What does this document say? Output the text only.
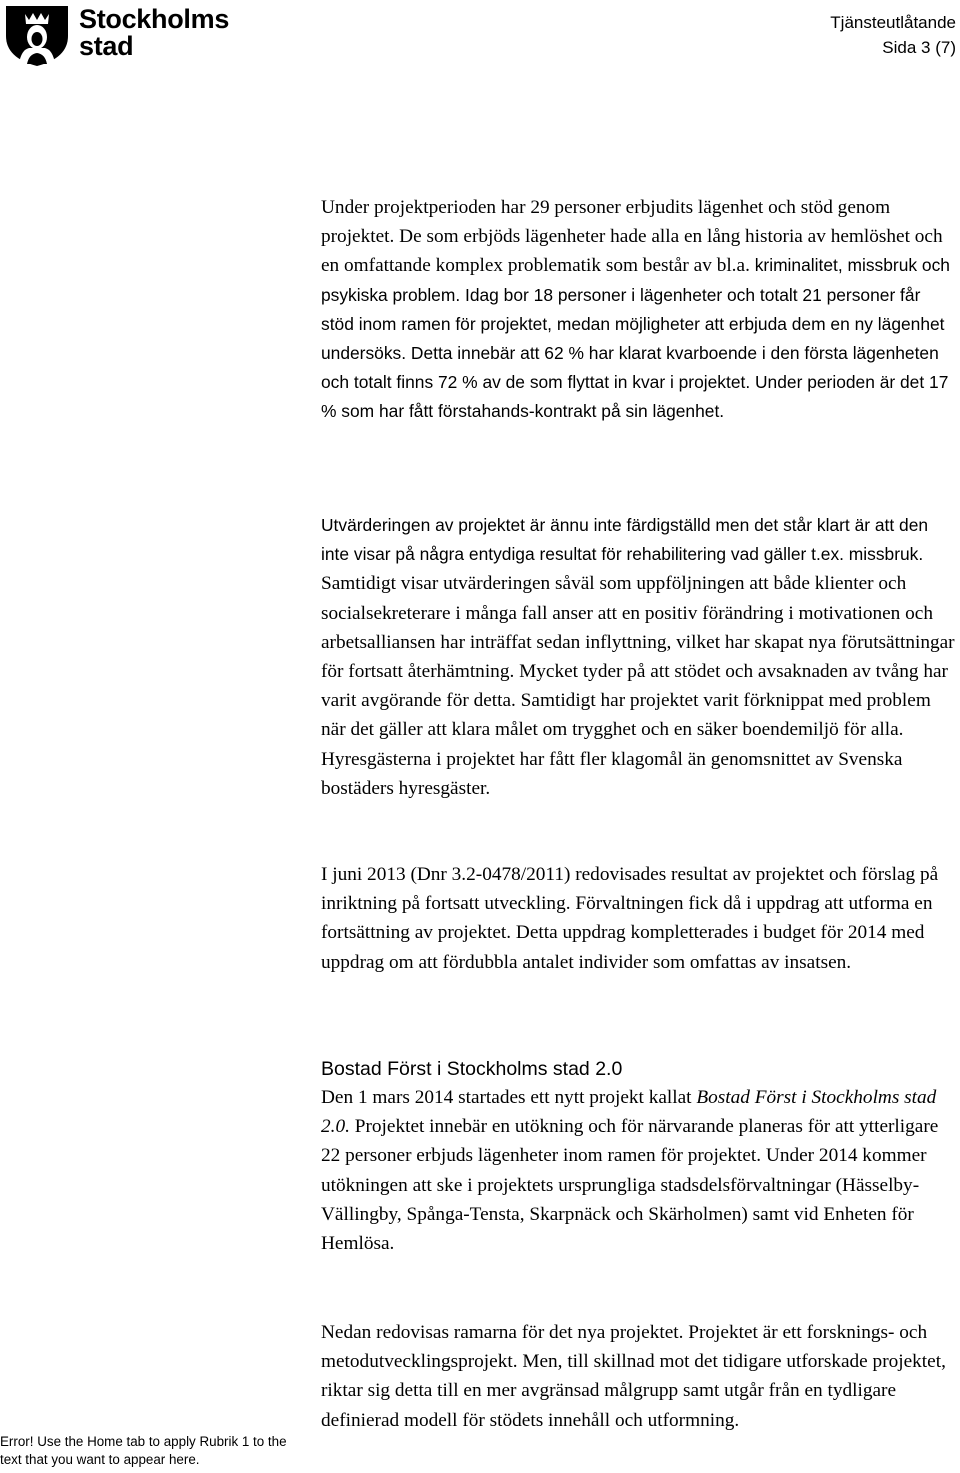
Stockholms
stad
Tjänsteutlåtande
Sida 3 (7)

Under projektperioden har 29 personer erbjudits lägenhet och stöd genom projektet. De som erbjöds lägenheter hade alla en lång historia av hemlöshet och en omfattande komplex problematik som består av bl.a. kriminalitet, missbruk och psykiska problem. Idag bor 18 personer i lägenheter och totalt 21 personer får stöd inom ramen för projektet, medan möjligheter att erbjuda dem en ny lägenhet undersöks. Detta innebär att 62 % har klarat kvarboende i den första lägenheten och totalt finns 72 % av de som flyttat in kvar i projektet. Under perioden är det 17 % som har fått förstahands-kontrakt på sin lägenhet.

Utvärderingen av projektet är ännu inte färdigställd men det står klart är att den inte visar på några entydiga resultat för rehabilitering vad gäller t.ex. missbruk. Samtidigt visar utvärderingen såväl som uppföljningen att både klienter och socialsekreterare i många fall anser att en positiv förändring i motivationen och arbetsalliansen har inträffat sedan inflyttning, vilket har skapat nya förutsättningar för fortsatt återhämtning. Mycket tyder på att stödet och avsaknaden av tvång har varit avgörande för detta. Samtidigt har projektet varit förknippat med problem när det gäller att klara målet om trygghet och en säker boendemiljö för alla. Hyresgästerna i projektet har fått fler klagomål än genomsnittet av Svenska bostäders hyresgäster.

I juni 2013 (Dnr 3.2-0478/2011) redovisades resultat av projektet och förslag på inriktning på fortsatt utveckling. Förvaltningen fick då i uppdrag att utforma en fortsättning av projektet. Detta uppdrag kompletterades i budget för 2014 med uppdrag om att fördubbla antalet individer som omfattas av insatsen.

Bostad Först i Stockholms stad 2.0

Den 1 mars 2014 startades ett nytt projekt kallat Bostad Först i Stockholms stad 2.0. Projektet innebär en utökning och för närvarande planeras för att ytterligare 22 personer erbjuds lägenheter inom ramen för projektet. Under 2014 kommer utökningen att ske i projektets ursprungliga stadsdelsförvaltningar (Hässelby-Vällingby, Spånga-Tensta, Skarpnäck och Skärholmen) samt vid Enheten för Hemlösa.

Nedan redovisas ramarna för det nya projektet. Projektet är ett forsknings- och metodutvecklingsprojekt. Men, till skillnad mot det tidigare utforskade projektet, riktar sig detta till en mer avgränsad målgrupp samt utgår från en tydligare definierad modell för stödets innehåll och utformning.

Error! Use the Home tab to apply Rubrik 1 to the text that you want to appear here.
